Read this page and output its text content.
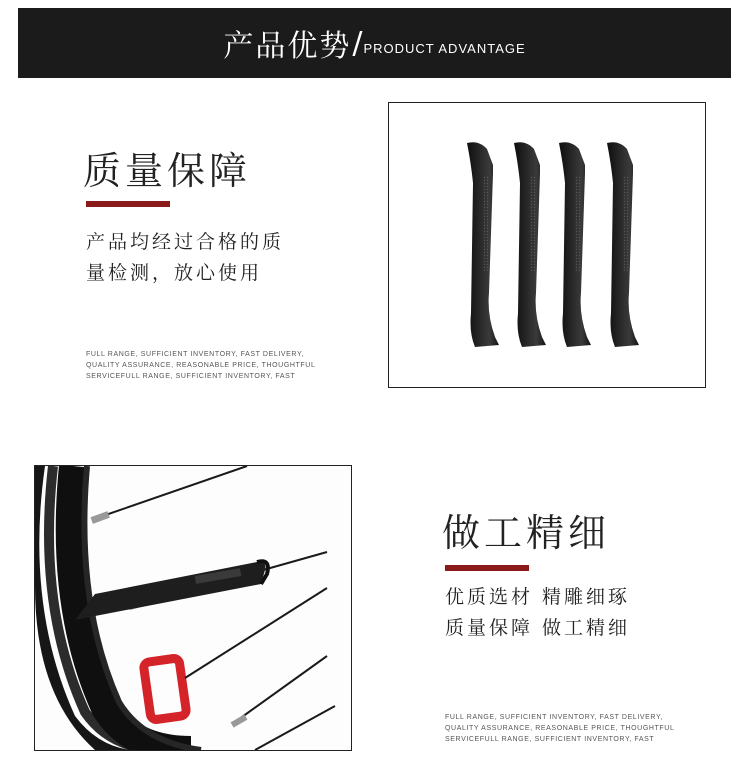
产品优势 / PRODUCT ADVANTAGE
质量保障
产品均经过合格的质
量检测，放心使用
FULL RANGE, SUFFICIENT INVENTORY, FAST DELIVERY,
QUALITY ASSURANCE, REASONABLE PRICE, THOUGHTFUL
SERVICEFULL RANGE, SUFFICIENT INVENTORY, FAST
做工精细
优质选材 精雕细琢
质量保障 做工精细
FULL RANGE, SUFFICIENT INVENTORY, FAST DELIVERY,
QUALITY ASSURANCE, REASONABLE PRICE, THOUGHTFUL
SERVICEFULL RANGE, SUFFICIENT INVENTORY, FAST
